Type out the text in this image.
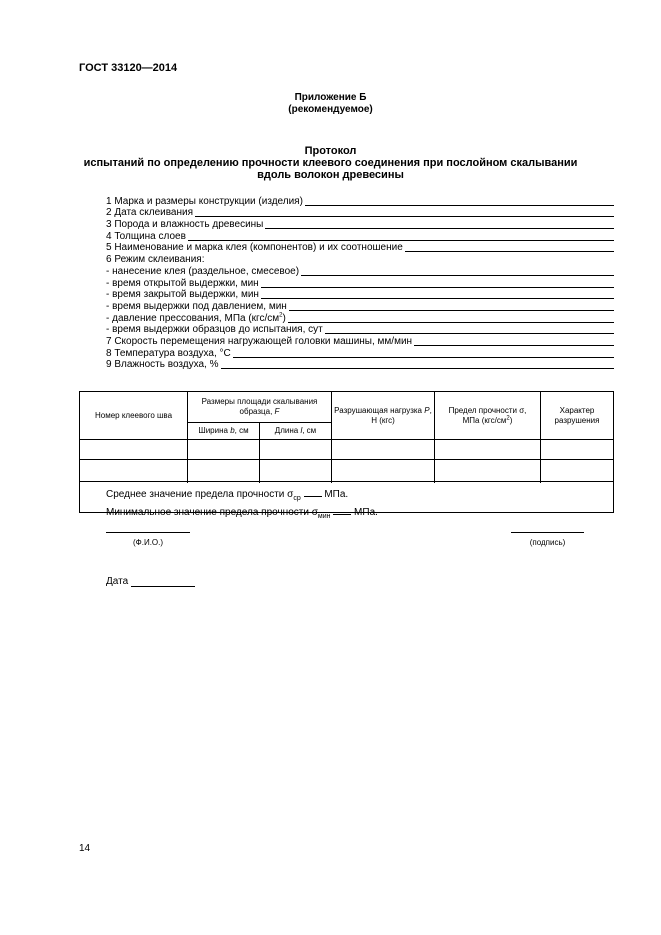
ГОСТ 33120—2014
Приложение Б
(рекомендуемое)
Протокол
испытаний по определению прочности клеевого соединения при послойном скалывании
вдоль волокон древесины
1 Марка и размеры конструкции (изделия)
2 Дата склеивания
3 Порода и влажность древесины
4 Толщина слоев
5 Наименование и марка клея (компонентов) и их соотношение
6 Режим склеивания:
- нанесение клея (раздельное, смесевое)
- время открытой выдержки, мин
- время закрытой выдержки, мин
- время выдержки под давлением, мин
- давление прессования, МПа $(кгс/см^2)$
- время выдержки образцов до испытания, сут
7 Скорость перемещения нагружающей головки машины, мм/мин
8 Температура воздуха, °С
9 Влажность воздуха, %
Номер клеевого шва
Размеры площади скалывания образца, F
Ширина b, см	Длина l, см
Разрушающая нагрузка P, Н (кгс)
Предел прочности σ, МПа $(кгс/см^2)$
Характер разрушения
Среднее значение предела прочности $\sigma_{ср}$ МПа.
Минимальное значение предела прочности $\sigma_{мин}$ МПа.
(Ф.И.О.)	(подпись)
Дата
14
